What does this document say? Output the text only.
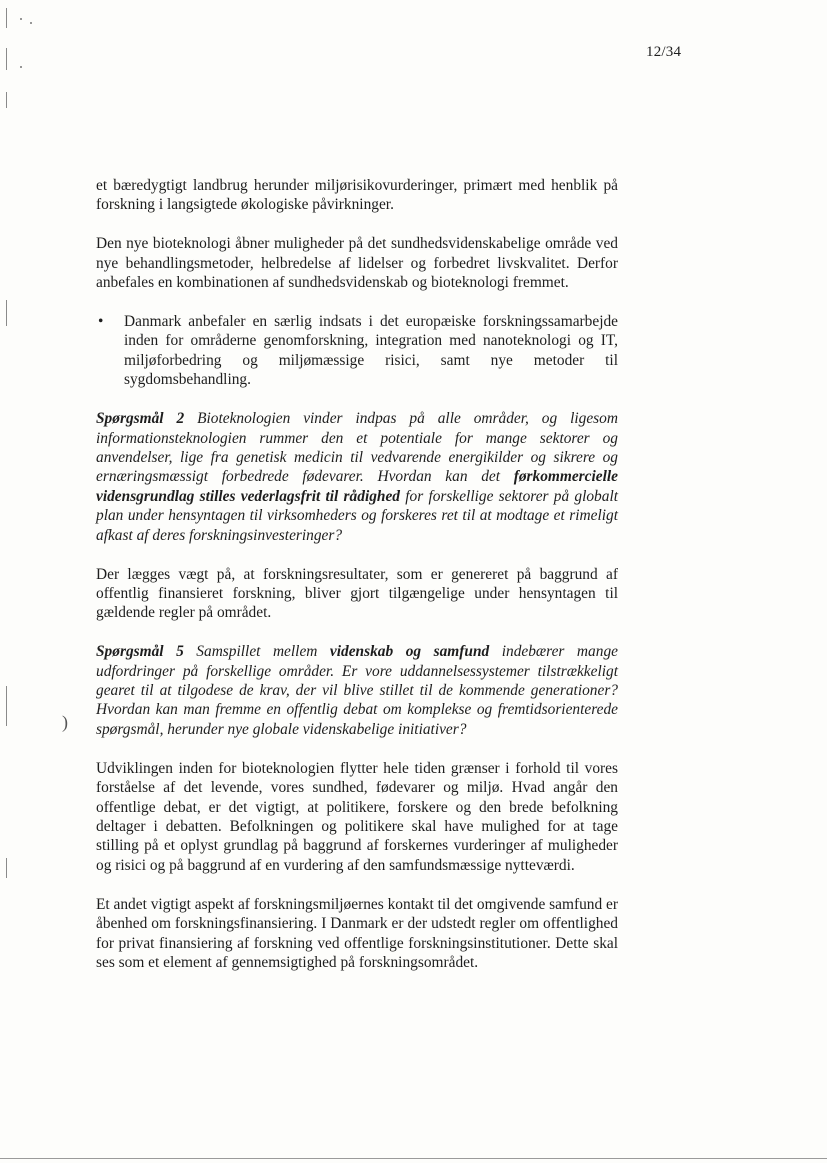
)
12/34

et bæredygtigt landbrug herunder miljørisikovurderinger, primært med henblik på forskning i langsigtede økologiske påvirkninger.

Den nye bioteknologi åbner muligheder på det sundhedsvidenskabelige område ved nye behandlingsmetoder, helbredelse af lidelser og forbedret livskvalitet. Derfor anbefales en kombinationen af sundhedsvidenskab og bioteknologi fremmet.

•	Danmark anbefaler en særlig indsats i det europæiske forskningssamarbejde inden for områderne genomforskning, integration med nanoteknologi og IT, miljøforbedring og miljømæssige risici, samt nye metoder til sygdomsbehandling.

Spørgsmål 2 Bioteknologien vinder indpas på alle områder, og ligesom informationsteknologien rummer den et potentiale for mange sektorer og anvendelser, lige fra genetisk medicin til vedvarende energikilder og sikrere og ernæringsmæssigt forbedrede fødevarer. Hvordan kan det førkommercielle vidensgrundlag stilles vederlagsfrit til rådighed for forskellige sektorer på globalt plan under hensyntagen til virksomheders og forskeres ret til at modtage et rimeligt afkast af deres forskningsinvesteringer?

Der lægges vægt på, at forskningsresultater, som er genereret på baggrund af offentlig finansieret forskning, bliver gjort tilgængelige under hensyntagen til gældende regler på området.

Spørgsmål 5 Samspillet mellem videnskab og samfund indebærer mange udfordringer på forskellige områder. Er vore uddannelsessystemer tilstrækkeligt gearet til at tilgodese de krav, der vil blive stillet til de kommende generationer? Hvordan kan man fremme en offentlig debat om komplekse og fremtidsorienterede spørgsmål, herunder nye globale videnskabelige initiativer?

Udviklingen inden for bioteknologien flytter hele tiden grænser i forhold til vores forståelse af det levende, vores sundhed, fødevarer og miljø. Hvad angår den offentlige debat, er det vigtigt, at politikere, forskere og den brede befolkning deltager i debatten. Befolkningen og politikere skal have mulighed for at tage stilling på et oplyst grundlag på baggrund af forskernes vurderinger af muligheder og risici og på baggrund af en vurdering af den samfundsmæssige nytteværdi.

Et andet vigtigt aspekt af forskningsmiljøernes kontakt til det omgivende samfund er åbenhed om forskningsfinansiering. I Danmark er der udstedt regler om offentlighed for privat finansiering af forskning ved offentlige forskningsinstitutioner. Dette skal ses som et element af gennemsigtighed på forskningsområdet.
